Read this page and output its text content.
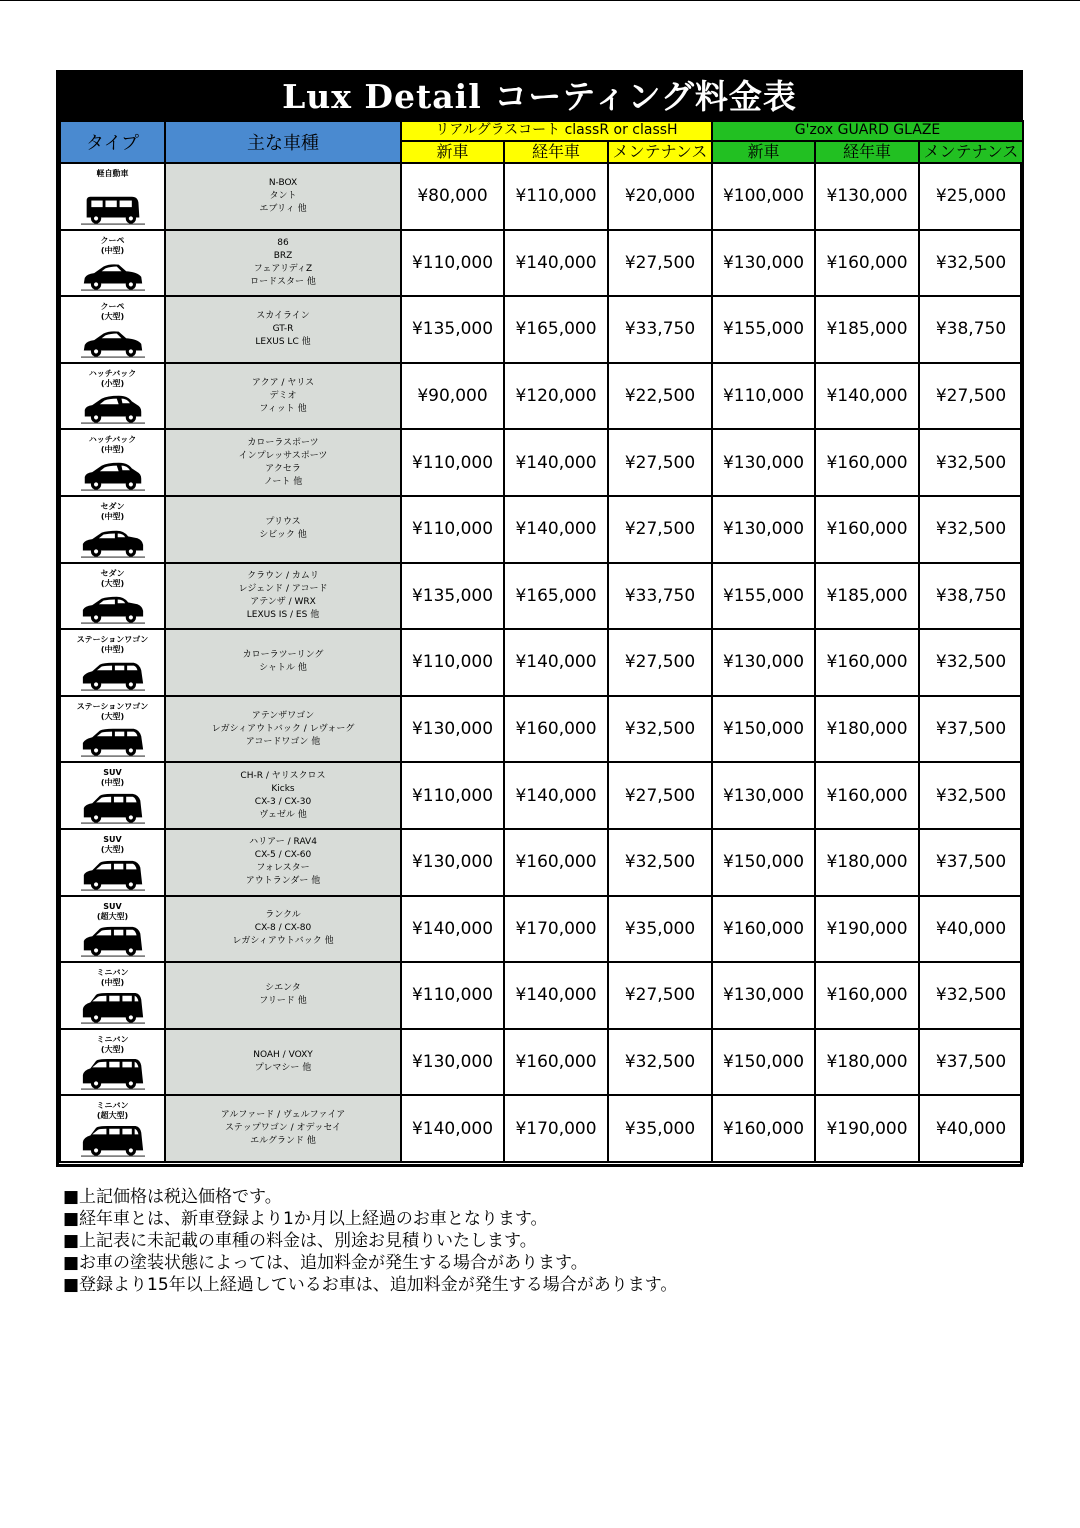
Lux Detail コーティング料金表
タイプ	主な車種	リアルグラスコート classR or classH			G'zox GUARD GLAZE		
		新車	経年車	メンテナンス	新車	経年車	メンテナンス

軽自動車	N-BOX
タント
エブリィ 他	¥80,000	¥110,000	¥20,000	¥100,000	¥130,000	¥25,000

クーペ
(中型)	86
BRZ
フェアリディZ
ロードスター 他	¥110,000	¥140,000	¥27,500	¥130,000	¥160,000	¥32,500

クーペ
(大型)	スカイライン
GT-R
LEXUS LC 他	¥135,000	¥165,000	¥33,750	¥155,000	¥185,000	¥38,750

ハッチバック
(小型)	アクア / ヤリス
デミオ
フィット 他	¥90,000	¥120,000	¥22,500	¥110,000	¥140,000	¥27,500

ハッチバック
(中型)	カローラスポーツ
インプレッサスポーツ
アクセラ
ノート 他	¥110,000	¥140,000	¥27,500	¥130,000	¥160,000	¥32,500

セダン
(中型)	プリウス
シビック 他	¥110,000	¥140,000	¥27,500	¥130,000	¥160,000	¥32,500

セダン
(大型)	クラウン / カムリ
レジェンド / アコード
アテンザ / WRX
LEXUS IS / ES 他	¥135,000	¥165,000	¥33,750	¥155,000	¥185,000	¥38,750

ステーションワゴン
(中型)	カローラツーリング
シャトル 他	¥110,000	¥140,000	¥27,500	¥130,000	¥160,000	¥32,500

ステーションワゴン
(大型)	アテンザワゴン
レガシィアウトバック / レヴォーグ
アコードワゴン 他	¥130,000	¥160,000	¥32,500	¥150,000	¥180,000	¥37,500

SUV
(中型)	CH-R / ヤリスクロス
Kicks
CX-3 / CX-30
ヴェゼル 他	¥110,000	¥140,000	¥27,500	¥130,000	¥160,000	¥32,500

SUV
(大型)	ハリアー / RAV4
CX-5 / CX-60
フォレスター
アウトランダー 他	¥130,000	¥160,000	¥32,500	¥150,000	¥180,000	¥37,500

SUV
(超大型)	ランクル
CX-8 / CX-80
レガシィアウトバック 他	¥140,000	¥170,000	¥35,000	¥160,000	¥190,000	¥40,000

ミニバン
(中型)	シエンタ
フリード 他	¥110,000	¥140,000	¥27,500	¥130,000	¥160,000	¥32,500

ミニバン
(大型)	NOAH / VOXY
プレマシー 他	¥130,000	¥160,000	¥32,500	¥150,000	¥180,000	¥37,500

ミニバン
(超大型)	アルファード / ヴェルファイア
ステップワゴン / オデッセイ
エルグランド 他	¥140,000	¥170,000	¥35,000	¥160,000	¥190,000	¥40,000
■上記価格は税込価格です。
■経年車とは、新車登録より1か月以上経過のお車となります。
■上記表に未記載の車種の料金は、別途お見積りいたします。
■お車の塗装状態によっては、追加料金が発生する場合があります。
■登録より15年以上経過しているお車は、追加料金が発生する場合があります。
